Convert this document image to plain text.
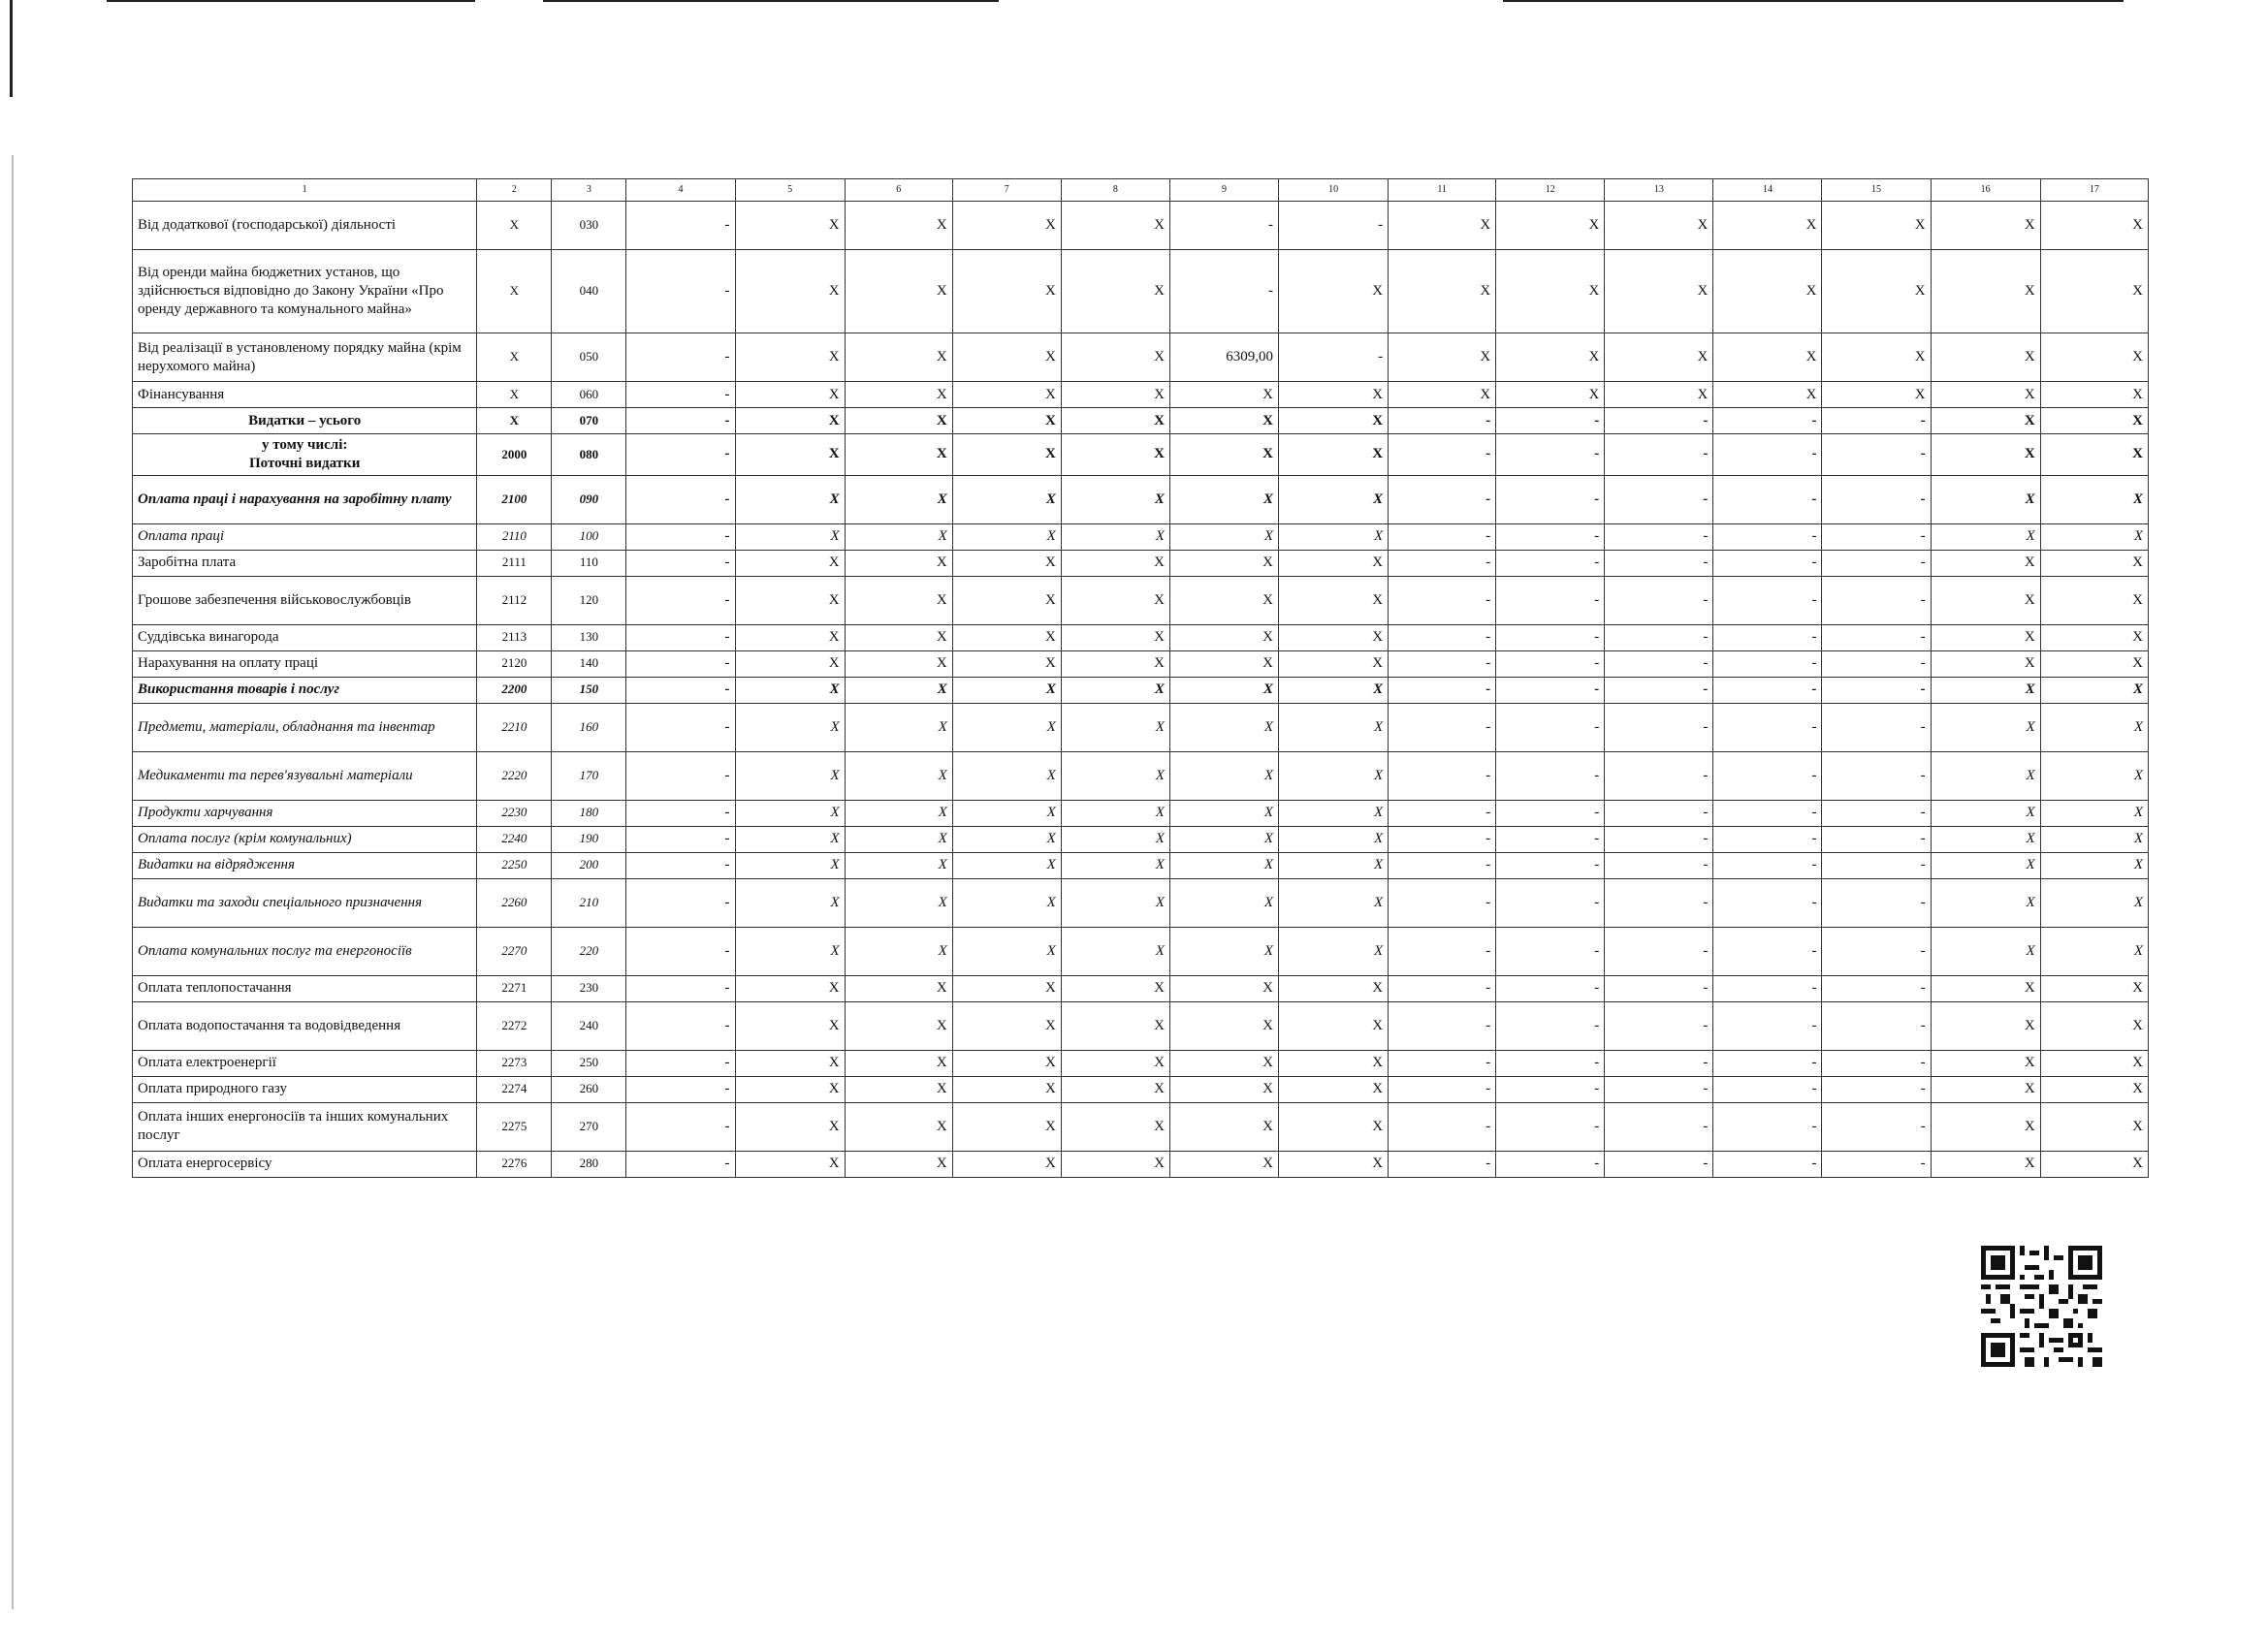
1	2	3	4	5	6	7	8	9	10	11	12	13	14	15	16	17
Від додаткової (господарської) діяльності	X	030	-	X	X	X	X	-	-	X	X	X	X	X	X	X
Від оренди майна бюджетних установ, що здійснюється відповідно до Закону України «Про оренду державного та комунального майна»	X	040	-	X	X	X	X	-	X	X	X	X	X	X	X	X
Від реалізації в установленому порядку майна (крім нерухомого майна)	X	050	-	X	X	X	X	6309,00	-	X	X	X	X	X	X	X
Фінансування	X	060	-	X	X	X	X	X	X	X	X	X	X	X	X	X
Видатки – усього	X	070	-	X	X	X	X	X	X	-	-	-	-	-	X	X
у тому числі:
Поточні видатки	2000	080	-	X	X	X	X	X	X	-	-	-	-	-	X	X
Оплата праці і нарахування на заробітну плату	2100	090	-	X	X	X	X	X	X	-	-	-	-	-	X	X
Оплата праці	2110	100	-	X	X	X	X	X	X	-	-	-	-	-	X	X
Заробітна плата	2111	110	-	X	X	X	X	X	X	-	-	-	-	-	X	X
Грошове забезпечення військовослужбовців	2112	120	-	X	X	X	X	X	X	-	-	-	-	-	X	X
Суддівська винагорода	2113	130	-	X	X	X	X	X	X	-	-	-	-	-	X	X
Нарахування на оплату праці	2120	140	-	X	X	X	X	X	X	-	-	-	-	-	X	X
Використання товарів і послуг	2200	150	-	X	X	X	X	X	X	-	-	-	-	-	X	X
Предмети, матеріали, обладнання та інвентар	2210	160	-	X	X	X	X	X	X	-	-	-	-	-	X	X
Медикаменти та перев'язувальні матеріали	2220	170	-	X	X	X	X	X	X	-	-	-	-	-	X	X
Продукти харчування	2230	180	-	X	X	X	X	X	X	-	-	-	-	-	X	X
Оплата послуг (крім комунальних)	2240	190	-	X	X	X	X	X	X	-	-	-	-	-	X	X
Видатки на відрядження	2250	200	-	X	X	X	X	X	X	-	-	-	-	-	X	X
Видатки та заходи спеціального призначення	2260	210	-	X	X	X	X	X	X	-	-	-	-	-	X	X
Оплата комунальних послуг та енергоносіїв	2270	220	-	X	X	X	X	X	X	-	-	-	-	-	X	X
Оплата теплопостачання	2271	230	-	X	X	X	X	X	X	-	-	-	-	-	X	X
Оплата водопостачання та водовідведення	2272	240	-	X	X	X	X	X	X	-	-	-	-	-	X	X
Оплата електроенергії	2273	250	-	X	X	X	X	X	X	-	-	-	-	-	X	X
Оплата природного газу	2274	260	-	X	X	X	X	X	X	-	-	-	-	-	X	X
Оплата інших енергоносіїв та інших комунальних послуг	2275	270	-	X	X	X	X	X	X	-	-	-	-	-	X	X
Оплата енергосервісу	2276	280	-	X	X	X	X	X	X	-	-	-	-	-	X	X
